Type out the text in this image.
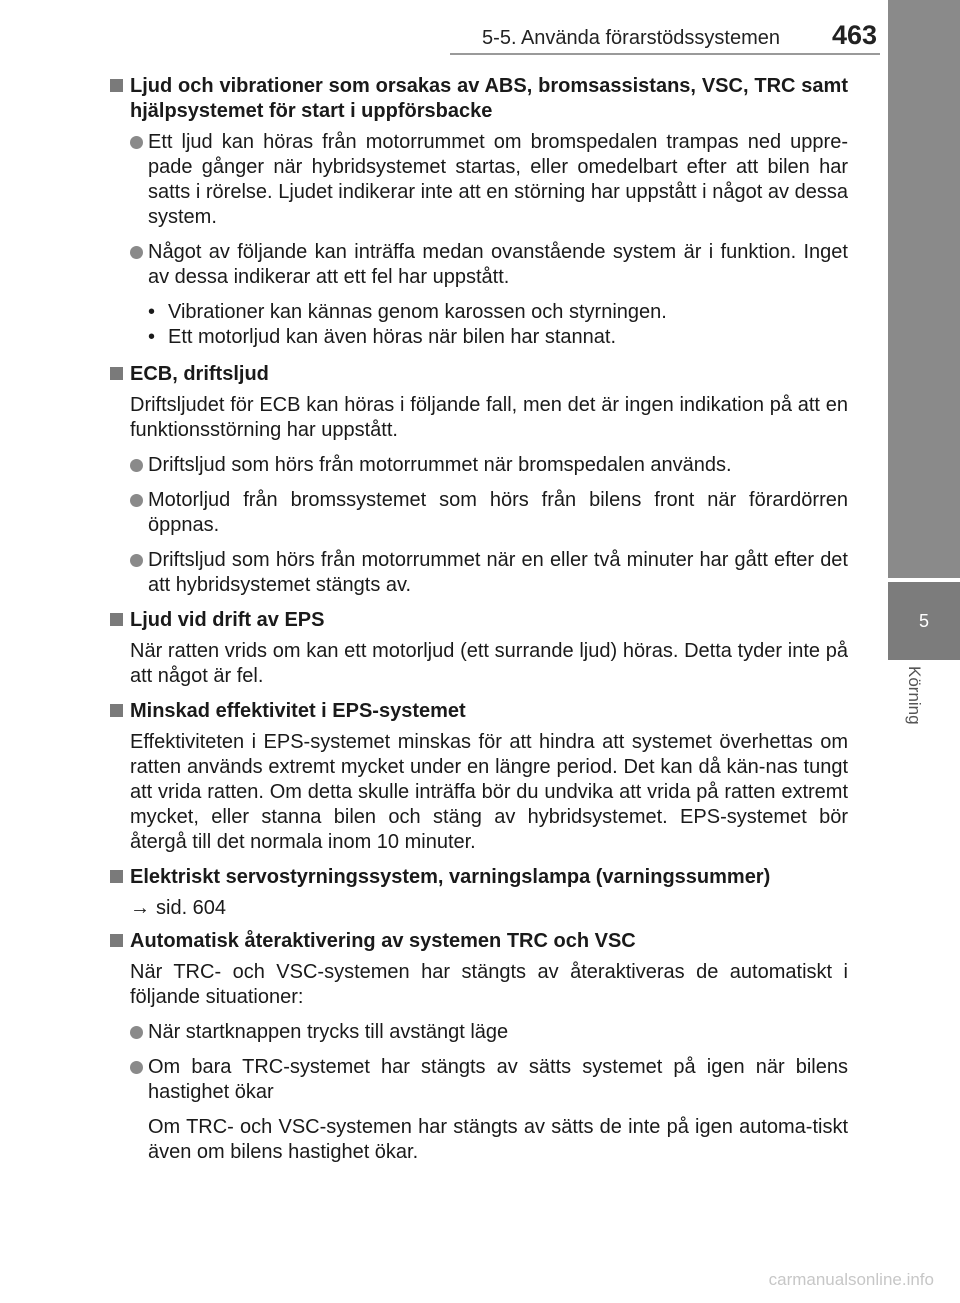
5-5. Använda förarstödssystemen 463
5
Körning
Ljud och vibrationer som orsakas av ABS, bromsassistans, VSC, TRC samt hjälpsystemet för start i uppförsbacke
Ett ljud kan höras från motorrummet om bromspedalen trampas ned uppre-pade gånger när hybridsystemet startas, eller omedelbart efter att bilen har satts i rörelse. Ljudet indikerar inte att en störning har uppstått i något av dessa system.
Något av följande kan inträffa medan ovanstående system är i funktion. Inget av dessa indikerar att ett fel har uppstått.
• Vibrationer kan kännas genom karossen och styrningen.
• Ett motorljud kan även höras när bilen har stannat.
ECB, driftsljud
Driftsljudet för ECB kan höras i följande fall, men det är ingen indikation på att en funktionsstörning har uppstått.
Driftsljud som hörs från motorrummet när bromspedalen används.
Motorljud från bromssystemet som hörs från bilens front när förardörren öppnas.
Driftsljud som hörs från motorrummet när en eller två minuter har gått efter det att hybridsystemet stängts av.
Ljud vid drift av EPS
När ratten vrids om kan ett motorljud (ett surrande ljud) höras. Detta tyder inte på att något är fel.
Minskad effektivitet i EPS-systemet
Effektiviteten i EPS-systemet minskas för att hindra att systemet överhettas om ratten används extremt mycket under en längre period. Det kan då kän-nas tungt att vrida ratten. Om detta skulle inträffa bör du undvika att vrida på ratten extremt mycket, eller stanna bilen och stäng av hybridsystemet. EPS-systemet bör återgå till det normala inom 10 minuter.
Elektriskt servostyrningssystem, varningslampa (varningssummer)
→ sid. 604
Automatisk återaktivering av systemen TRC och VSC
När TRC- och VSC-systemen har stängts av återaktiveras de automatiskt i följande situationer:
När startknappen trycks till avstängt läge
Om bara TRC-systemet har stängts av sätts systemet på igen när bilens hastighet ökar
Om TRC- och VSC-systemen har stängts av sätts de inte på igen automa-tiskt även om bilens hastighet ökar.
carmanualsonline.info
